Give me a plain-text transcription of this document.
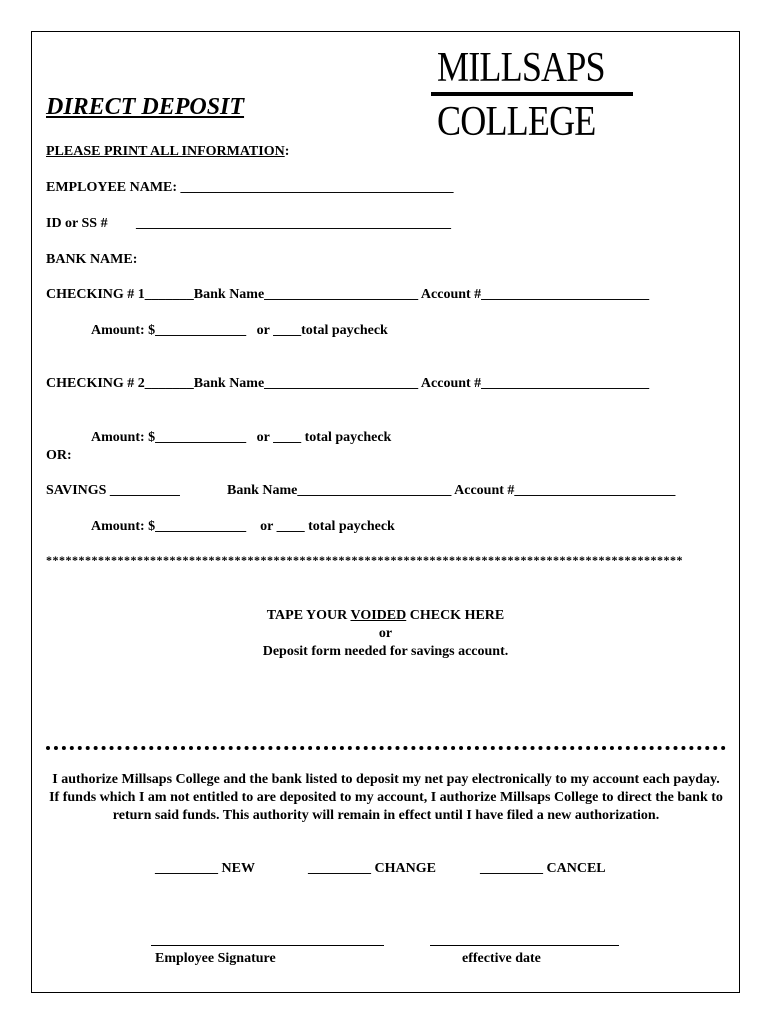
DIRECT DEPOSIT
MILLSAPS
COLLEGE
PLEASE PRINT ALL INFORMATION:
EMPLOYEE NAME: _______________________________________
ID or SS # _____________________________________________
BANK NAME:
CHECKING # 1_______Bank Name______________________ Account #________________________
Amount: $_____________   or ____total paycheck
CHECKING # 2_______Bank Name______________________ Account #________________________
Amount: $_____________   or ____ total paycheck
OR:
SAVINGS __________	Bank Name______________________ Account #_______________________
Amount: $_____________    or ____ total paycheck
**************************************************************************************************
TAPE YOUR VOIDED CHECK HERE
or
Deposit form needed for savings account.
I authorize Millsaps College and the bank listed to deposit my net pay electronically to my account each payday. If funds which I am not entitled to are deposited to my account, I authorize Millsaps College to direct the bank to return said funds. This authority will remain in effect until I have filed a new authorization.
_________ NEW	_________ CHANGE	_________ CANCEL
Employee Signature	effective date
